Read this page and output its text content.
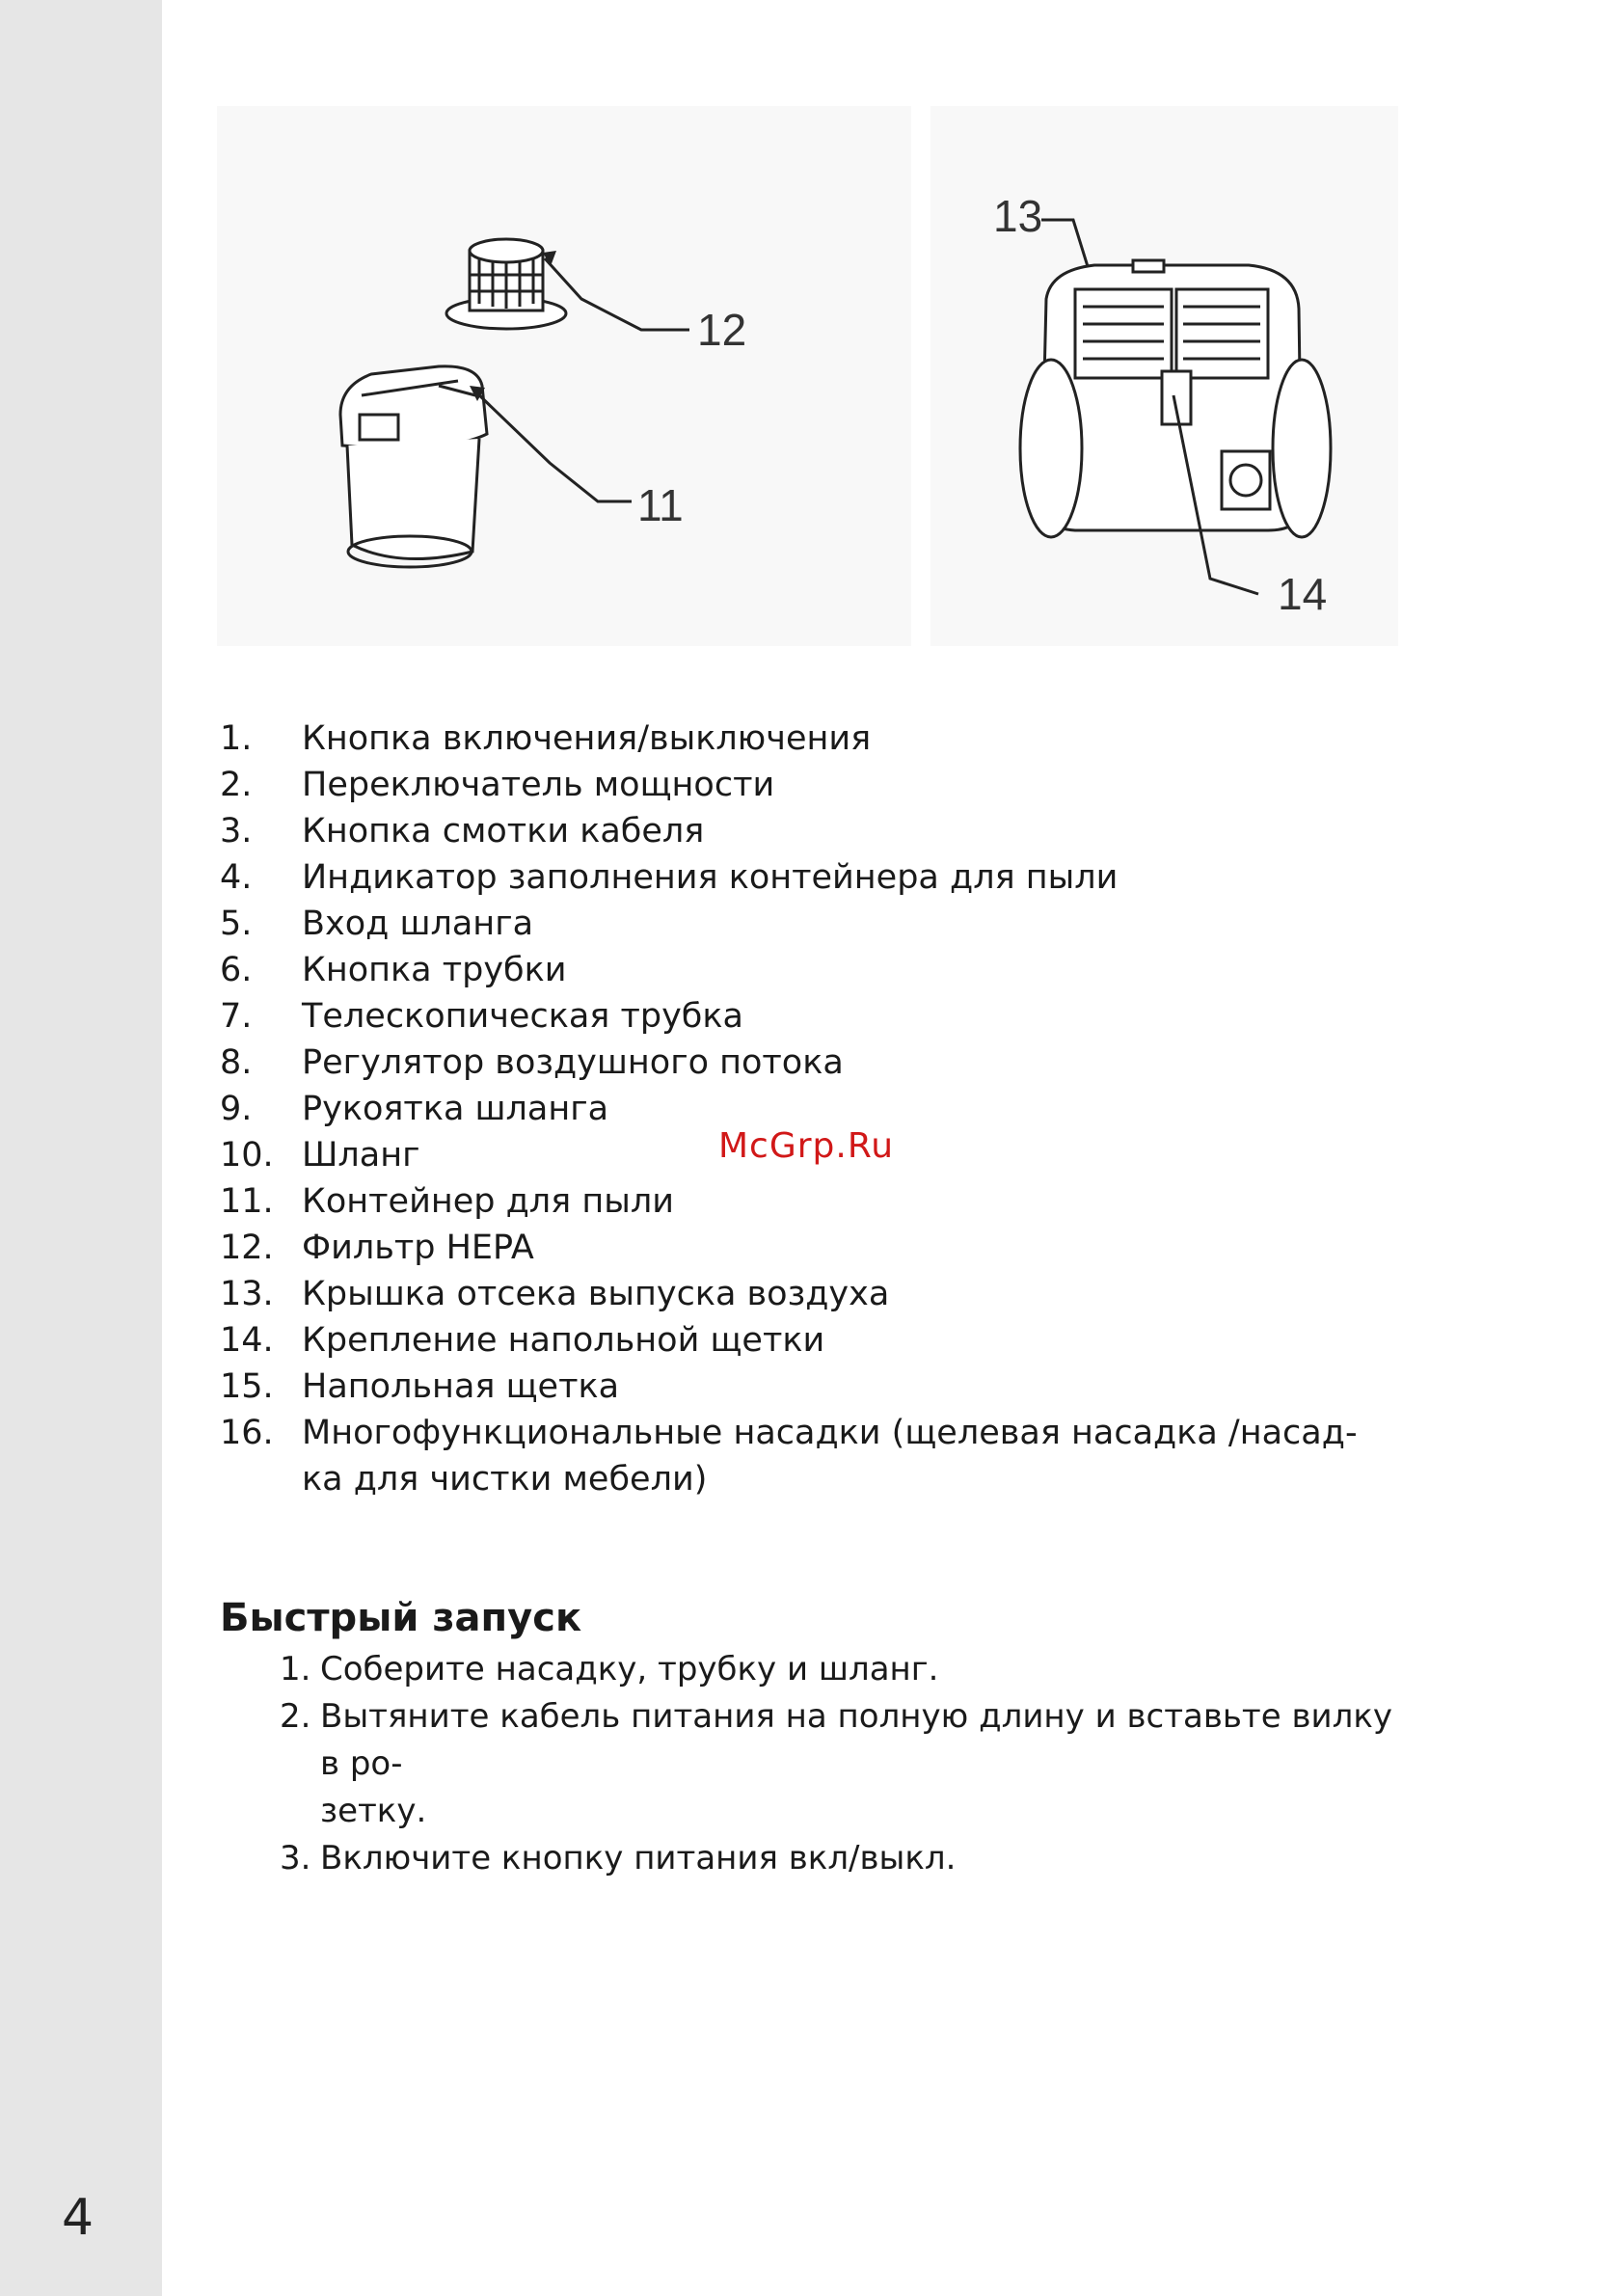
4
12
11
13
14
1.	Кнопка включения/выключения
2.	Переключатель мощности
3.	Кнопка смотки кабеля
4.	Индикатор заполнения контейнера для пыли
5.	Вход шланга
6.	Кнопка трубки
7.	Телескопическая трубка
8.	Регулятор воздушного потока
9.	Рукоятка шланга
10. Шланг
11. Контейнер для пыли
12. Фильтр HEPA
13. Крышка отсека выпуска воздуха
14. Крепление напольной щетки
15. Напольная щетка
16. Многофункциональные насадки (щелевая насадка /насад-
ка для чистки мебели)
McGrp.Ru
Быстрый запуск
1. Соберите насадку, трубку и шланг.
2. Вытяните кабель питания на полную длину и вставьте вилку в ро-
зетку.
3. Включите кнопку питания вкл/выкл.
